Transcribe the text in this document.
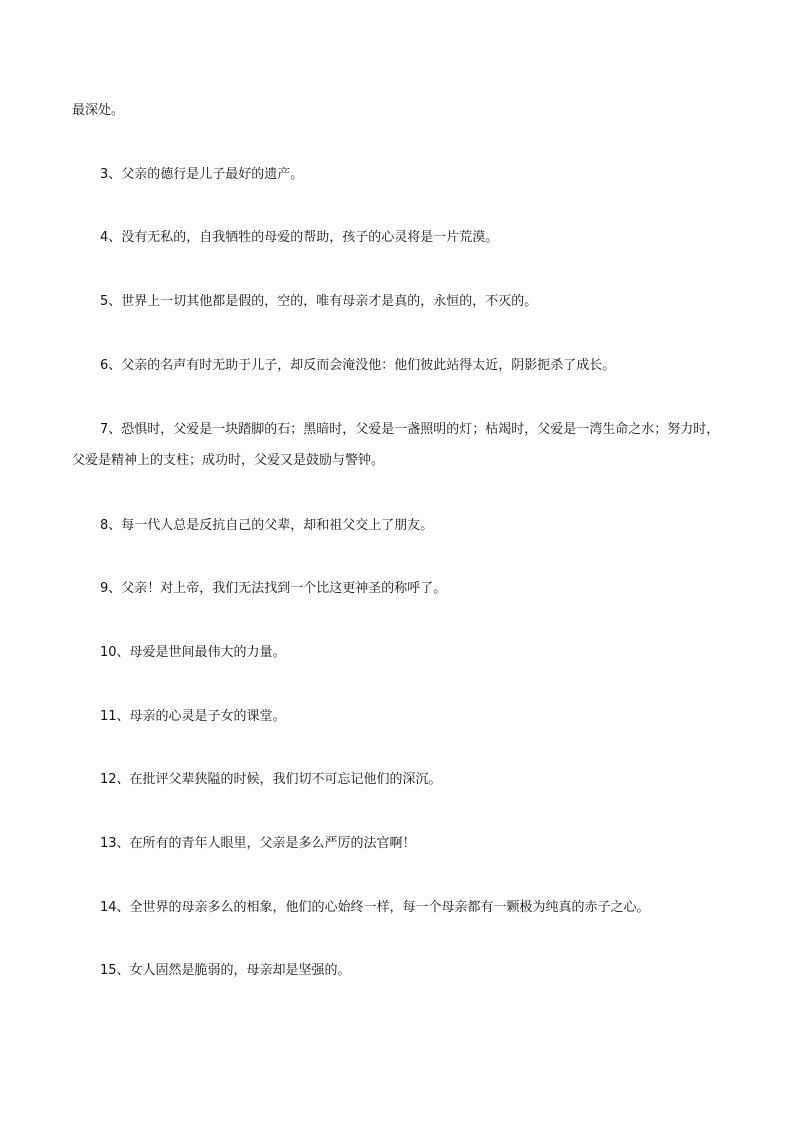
最深处。
3、父亲的德行是儿子最好的遗产。
4、没有无私的，自我牺牲的母爱的帮助，孩子的心灵将是一片荒漠。
5、世界上一切其他都是假的，空的，唯有母亲才是真的，永恒的，不灭的。
6、父亲的名声有时无助于儿子，却反而会淹没他：他们彼此站得太近，阴影扼杀了成长。
7、恐惧时，父爱是一块踏脚的石；黑暗时，父爱是一盏照明的灯；枯竭时，父爱是一湾生命之水；努力时，父爱是精神上的支柱；成功时，父爱又是鼓励与警钟。
8、每一代人总是反抗自己的父辈，却和祖父交上了朋友。
9、父亲！对上帝，我们无法找到一个比这更神圣的称呼了。
10、母爱是世间最伟大的力量。
11、母亲的心灵是子女的课堂。
12、在批评父辈狭隘的时候，我们切不可忘记他们的深沉。
13、在所有的青年人眼里，父亲是多么严厉的法官啊！
14、全世界的母亲多么的相象，他们的心始终一样，每一个母亲都有一颗极为纯真的赤子之心。
15、女人固然是脆弱的，母亲却是坚强的。
